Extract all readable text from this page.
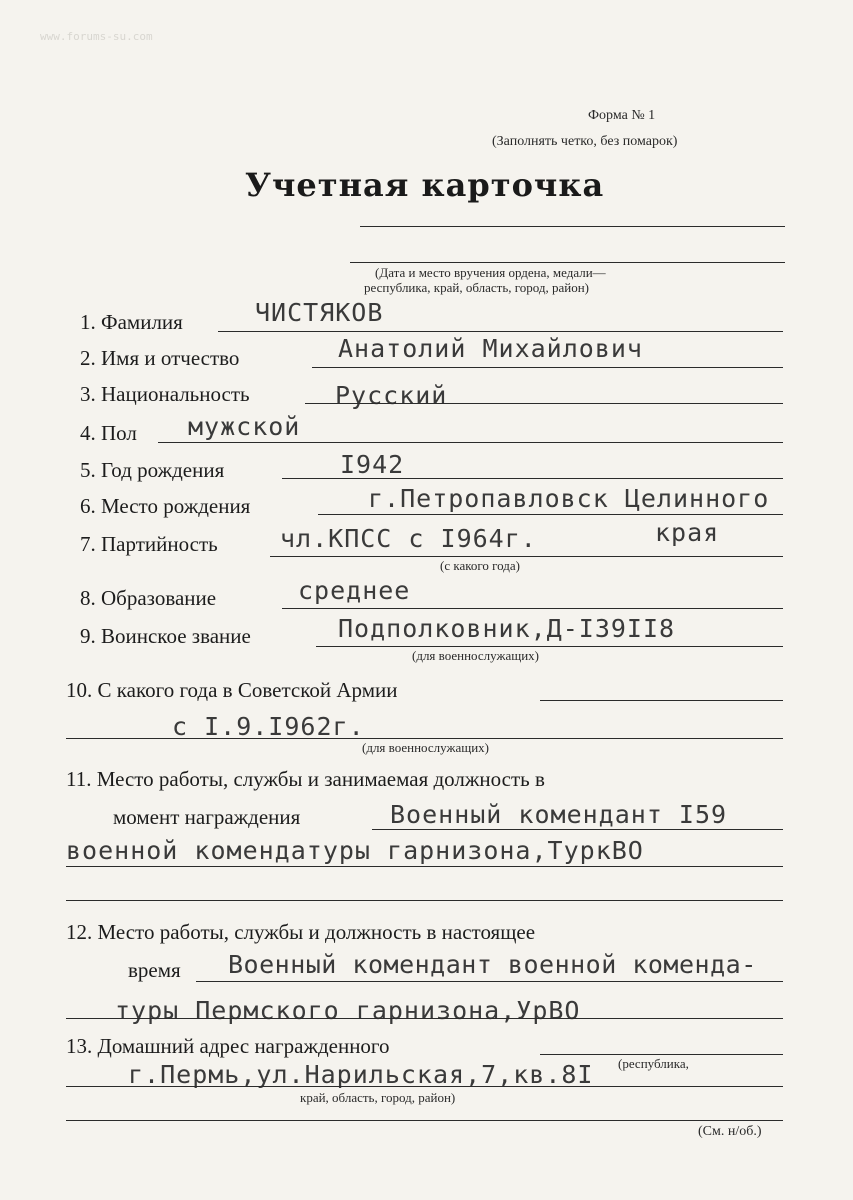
www.forums-su.com
Форма № 1
(Заполнять четко, без помарок)
Учетная карточка
(Дата и место вручения ордена, медали—
республика, край, область, город, район)
1. Фамилия	ЧИСТЯКОВ
2. Имя и отчество	Анатолий Михайлович
3. Национальность	Русский
4. Пол мужской
5. Год рождения	I942
6. Место рождения	г.Петропавловск Целинного
края
7. Партийность чл.КПСС с I964г.
(с какого года)
8. Образование	среднее
9. Воинское звание	Подполковник,Д-I39II8
(для военнослужащих)
10. С какого года в Советской Армии
с I.9.I962г.
(для военнослужащих)
11. Место работы, службы и занимаемая должность в
момент награждения	Военный комендант I59
военной комендатуры гарнизона,ТуркВО
12. Место работы, службы и должность в настоящее
время Военный комендант военной коменда-
туры Пермского гарнизона,УрВО
13. Домашний адрес награжденного
г.Пермь,ул.Нарильская,7,кв.8I (республика,
край, область, город, район)
(См. н/об.)
